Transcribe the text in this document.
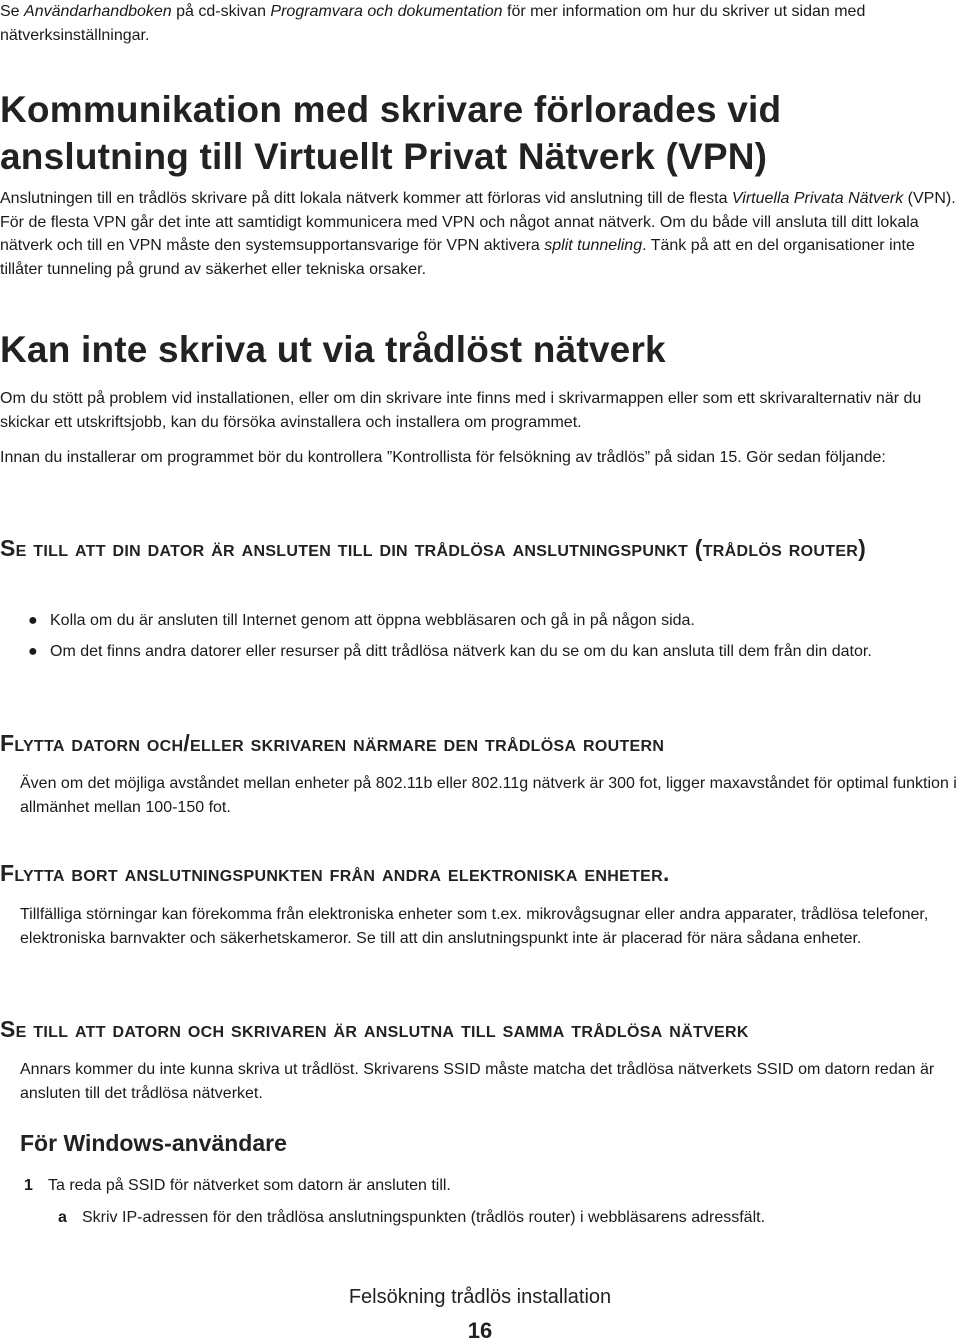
Se Användarhandboken på cd-skivan Programvara och dokumentation för mer information om hur du skriver ut sidan med nätverksinställningar.

Kommunikation med skrivare förlorades vid anslutning till Virtuellt Privat Nätverk (VPN)

Anslutningen till en trådlös skrivare på ditt lokala nätverk kommer att förloras vid anslutning till de flesta Virtuella Privata Nätverk (VPN). För de flesta VPN går det inte att samtidigt kommunicera med VPN och något annat nätverk. Om du både vill ansluta till ditt lokala nätverk och till en VPN måste den systemsupportansvarige för VPN aktivera split tunneling. Tänk på att en del organisationer inte tillåter tunneling på grund av säkerhet eller tekniska orsaker.

Kan inte skriva ut via trådlöst nätverk

Om du stött på problem vid installationen, eller om din skrivare inte finns med i skrivarmappen eller som ett skrivaralternativ när du skickar ett utskriftsjobb, kan du försöka avinstallera och installera om programmet.

Innan du installerar om programmet bör du kontrollera ”Kontrollista för felsökning av trådlös” på sidan 15. Gör sedan följande:

Se till att din dator är ansluten till din trådlösa anslutningspunkt (trådlös router)
● Kolla om du är ansluten till Internet genom att öppna webbläsaren och gå in på någon sida.
● Om det finns andra datorer eller resurser på ditt trådlösa nätverk kan du se om du kan ansluta till dem från din dator.
Flytta datorn och/eller skrivaren närmare den trådlösa routern

Även om det möjliga avståndet mellan enheter på 802.11b eller 802.11g nätverk är 300 fot, ligger maxavståndet för optimal funktion i allmänhet mellan 100-150 fot.

Flytta bort anslutningspunkten från andra elektroniska enheter.

Tillfälliga störningar kan förekomma från elektroniska enheter som t.ex. mikrovågsugnar eller andra apparater, trådlösa telefoner, elektroniska barnvakter och säkerhetskameror. Se till att din anslutningspunkt inte är placerad för nära sådana enheter.

Se till att datorn och skrivaren är anslutna till samma trådlösa nätverk

Annars kommer du inte kunna skriva ut trådlöst. Skrivarens SSID måste matcha det trådlösa nätverkets SSID om datorn redan är ansluten till det trådlösa nätverket.

För Windows-användare
1 Ta reda på SSID för nätverket som datorn är ansluten till.
a Skriv IP-adressen för den trådlösa anslutningspunkten (trådlös router) i webbläsarens adressfält.
Felsökning trådlös installation
16
